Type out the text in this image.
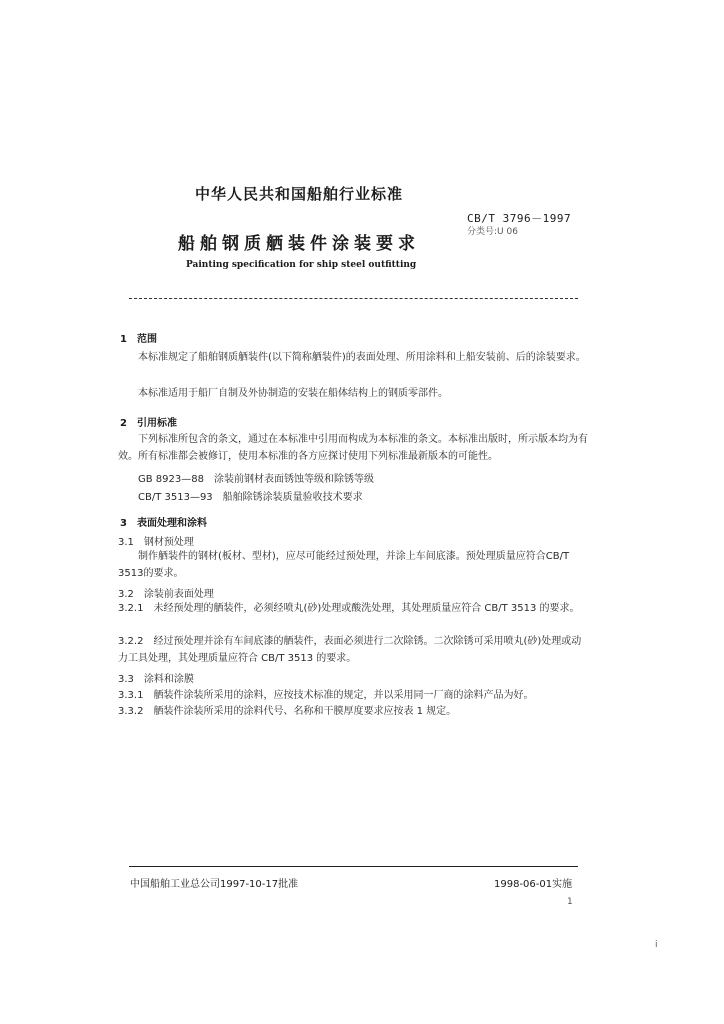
中华人民共和国船舶行业标准
CB/T 3796－1997
分类号:U 06
船舶钢质舾装件涂装要求
Painting specification for ship steel outfitting
1　范围
本标准规定了船舶钢质舾装件(以下简称舾装件)的表面处理、所用涂料和上船安装前、后的涂装要求。
本标准适用于船厂自制及外协制造的安装在船体结构上的钢质零部件。
2　引用标准
下列标准所包含的条文，通过在本标准中引用而构成为本标准的条文。本标准出版时，所示版本均为有效。所有标准都会被修订，使用本标准的各方应探讨使用下列标准最新版本的可能性。
GB 8923—88　涂装前钢材表面锈蚀等级和除锈等级
CB/T 3513—93　船舶除锈涂装质量验收技术要求
3　表面处理和涂料
3.1　钢材预处理
制作舾装件的钢材(板材、型材)，应尽可能经过预处理，并涂上车间底漆。预处理质量应符合CB/T 3513的要求。
3.2　涂装前表面处理
3.2.1　未经预处理的舾装件，必须经喷丸(砂)处理或酸洗处理，其处理质量应符合 CB/T 3513 的要求。
3.2.2　经过预处理并涂有车间底漆的舾装件，表面必须进行二次除锈。二次除锈可采用喷丸(砂)处理或动力工具处理，其处理质量应符合 CB/T 3513 的要求。
3.3　涂料和涂膜
3.3.1　舾装件涂装所采用的涂料，应按技术标准的规定，并以采用同一厂商的涂料产品为好。
3.3.2　舾装件涂装所采用的涂料代号、名称和干膜厚度要求应按表 1 规定。
中国船舶工业总公司1997-10-17批准	1998-06-01实施
1
i
